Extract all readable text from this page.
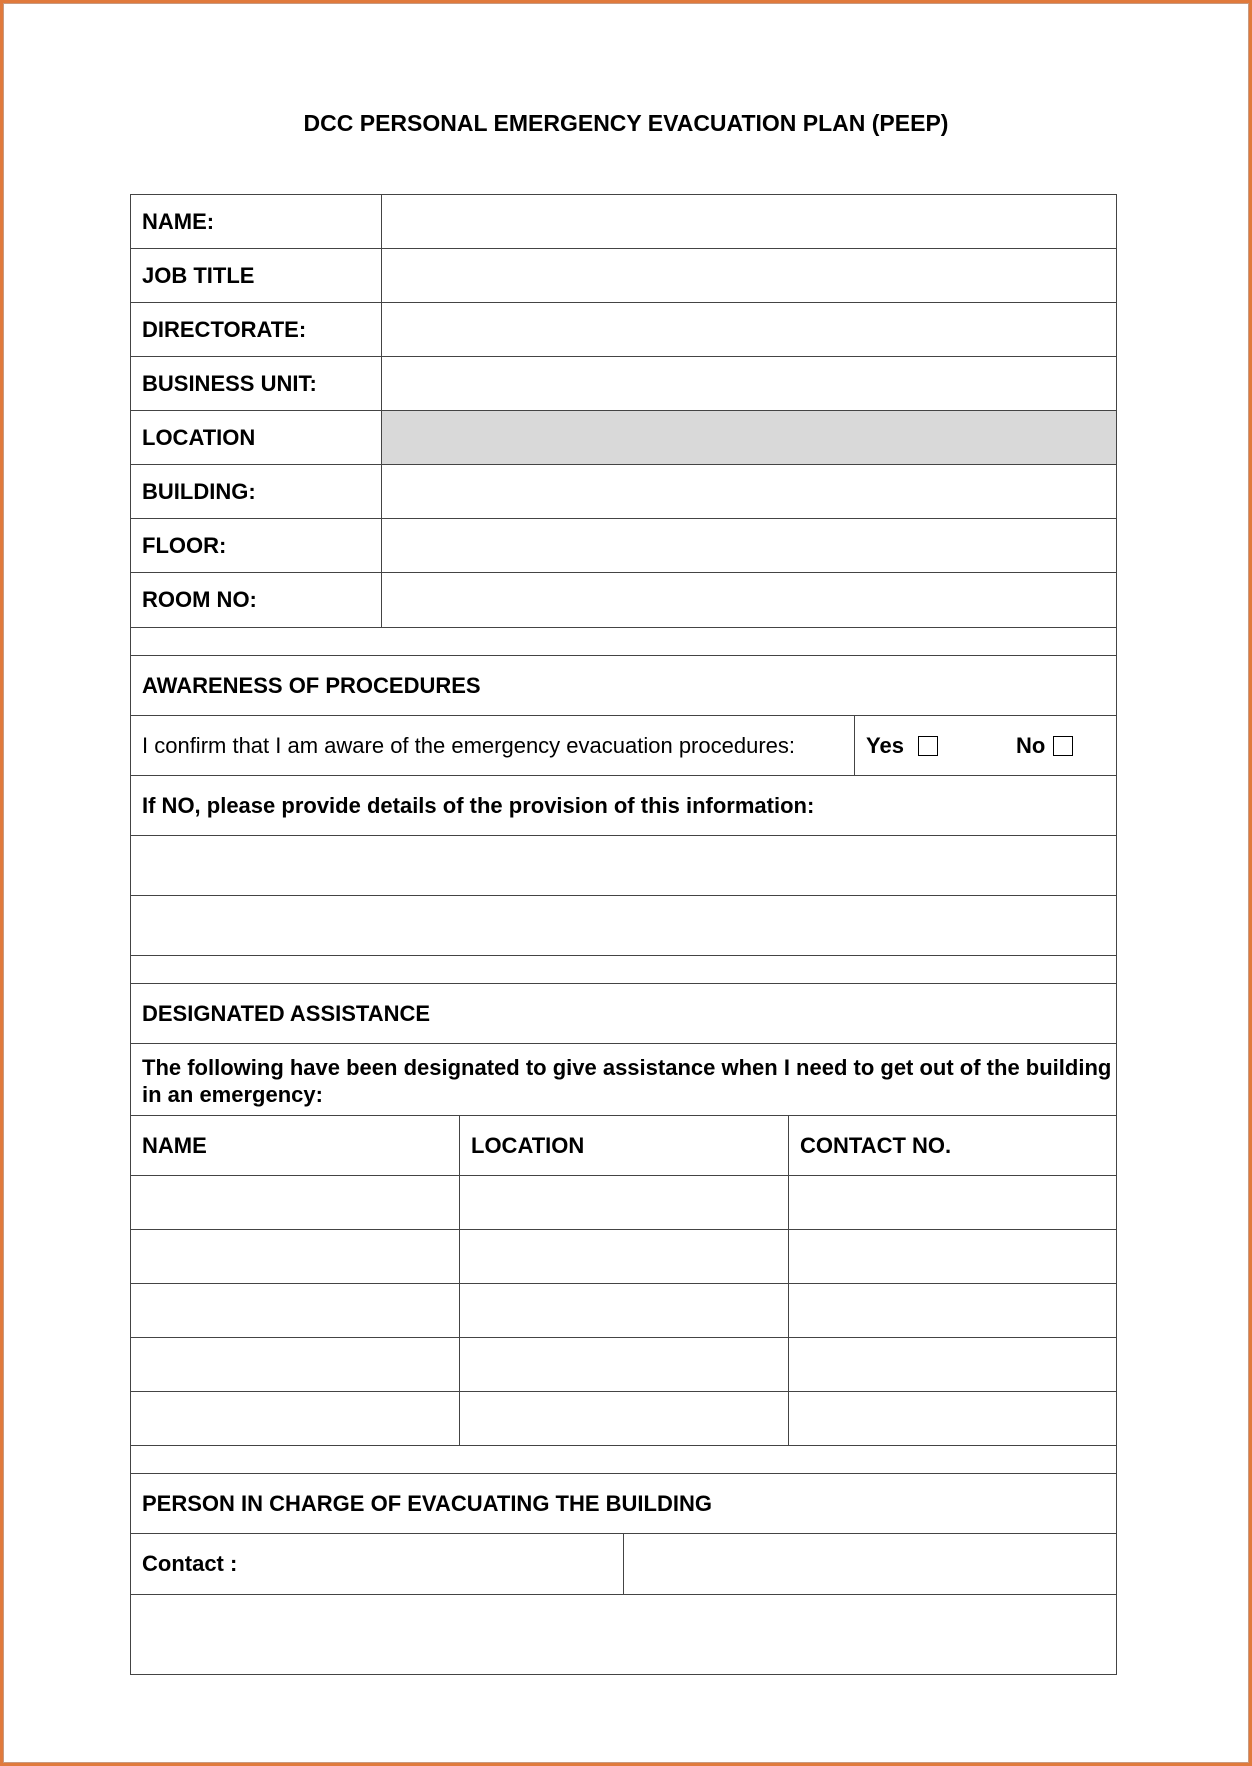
DCC PERSONAL EMERGENCY EVACUATION PLAN (PEEP)
NAME:
JOB TITLE
DIRECTORATE:
BUSINESS UNIT:
LOCATION
BUILDING:
FLOOR:
ROOM NO:
AWARENESS OF PROCEDURES
I confirm that I am aware of the emergency evacuation procedures:	Yes	No
If NO, please provide details of the provision of this information:
DESIGNATED ASSISTANCE
The following have been designated to give assistance when I need to get out of the building in an emergency:
NAME	LOCATION	CONTACT NO.
PERSON IN CHARGE OF EVACUATING THE BUILDING
Contact :
